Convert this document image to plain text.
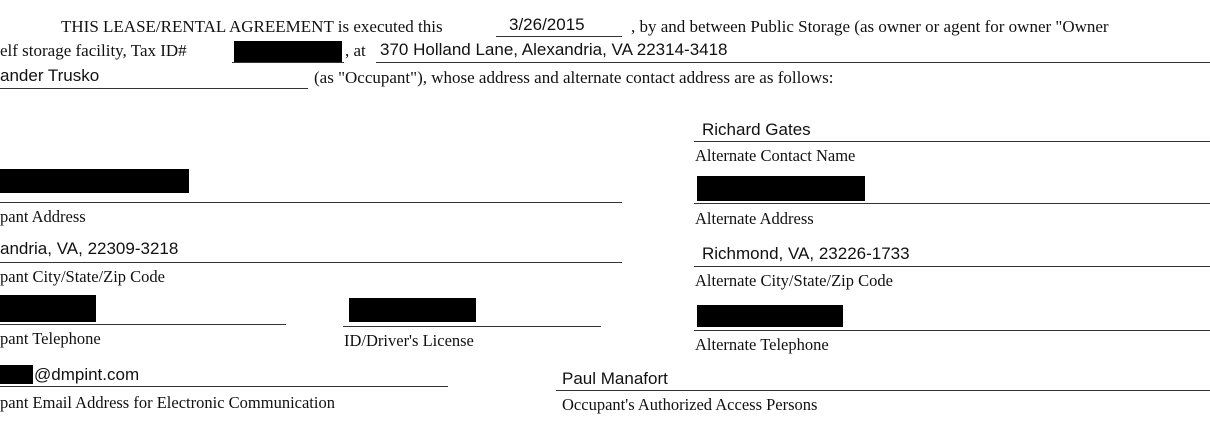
THIS LEASE/RENTAL AGREEMENT is executed this	3/26/2015	, by and between Public Storage (as owner or agent for owner "Owner
elf storage facility, Tax ID#	, at 370 Holland Lane, Alexandria, VA 22314-3418
ander Trusko	(as "Occupant"), whose address and alternate contact address are as follows:
pant Address
andria, VA, 22309-3218
pant City/State/Zip Code
pant Telephone	ID/Driver's License
@dmpint.com
pant Email Address for Electronic Communication
Richard Gates
Alternate Contact Name
Alternate Address
Richmond, VA, 23226-1733
Alternate City/State/Zip Code
Alternate Telephone
Paul Manafort
Occupant's Authorized Access Persons
